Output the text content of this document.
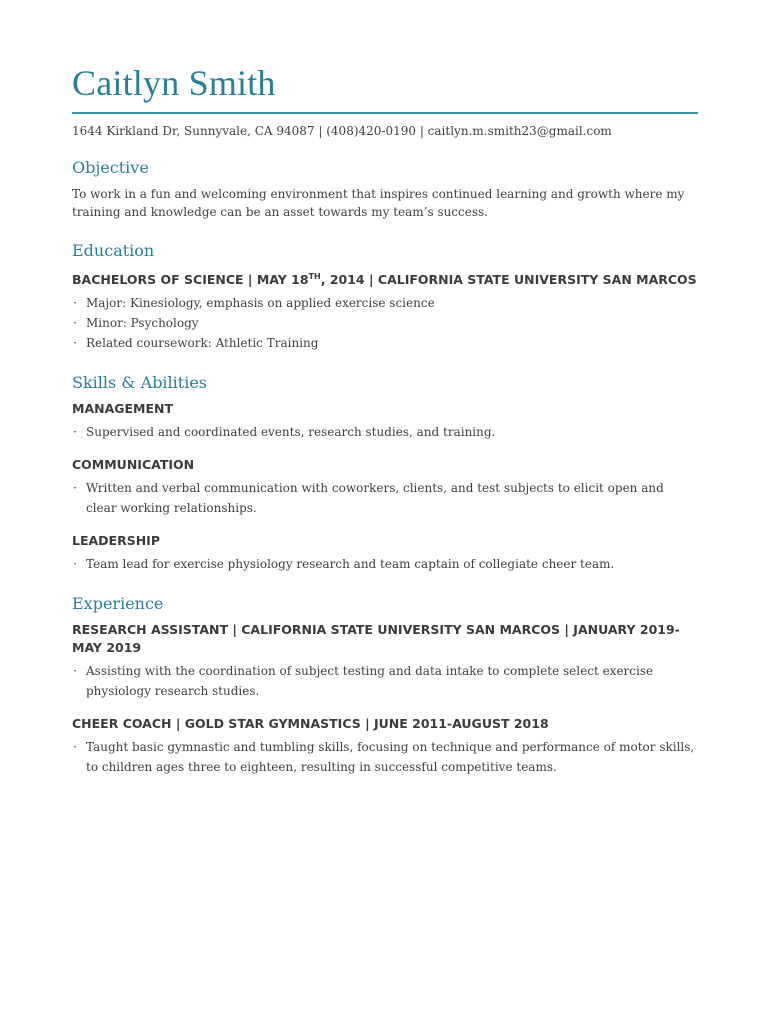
Caitlyn Smith
1644 Kirkland Dr, Sunnyvale, CA 94087 | (408)420-0190 | caitlyn.m.smith23@gmail.com
Objective

To work in a fun and welcoming environment that inspires continued learning and growth where my training and knowledge can be an asset towards my team’s success.

Education
BACHELORS OF SCIENCE | MAY 18TH, 2014 | CALIFORNIA STATE UNIVERSITY SAN MARCOS
· Major: Kinesiology, emphasis on applied exercise science
· Minor: Psychology
· Related coursework: Athletic Training
Skills & Abilities
MANAGEMENT
· Supervised and coordinated events, research studies, and training.
COMMUNICATION
· Written and verbal communication with coworkers, clients, and test subjects to elicit open and clear working relationships.
LEADERSHIP
· Team lead for exercise physiology research and team captain of collegiate cheer team.
Experience
RESEARCH ASSISTANT | CALIFORNIA STATE UNIVERSITY SAN MARCOS | JANUARY 2019-MAY 2019
· Assisting with the coordination of subject testing and data intake to complete select exercise physiology research studies.
CHEER COACH | GOLD STAR GYMNASTICS | JUNE 2011-AUGUST 2018
· Taught basic gymnastic and tumbling skills, focusing on technique and performance of motor skills, to children ages three to eighteen, resulting in successful competitive teams.
